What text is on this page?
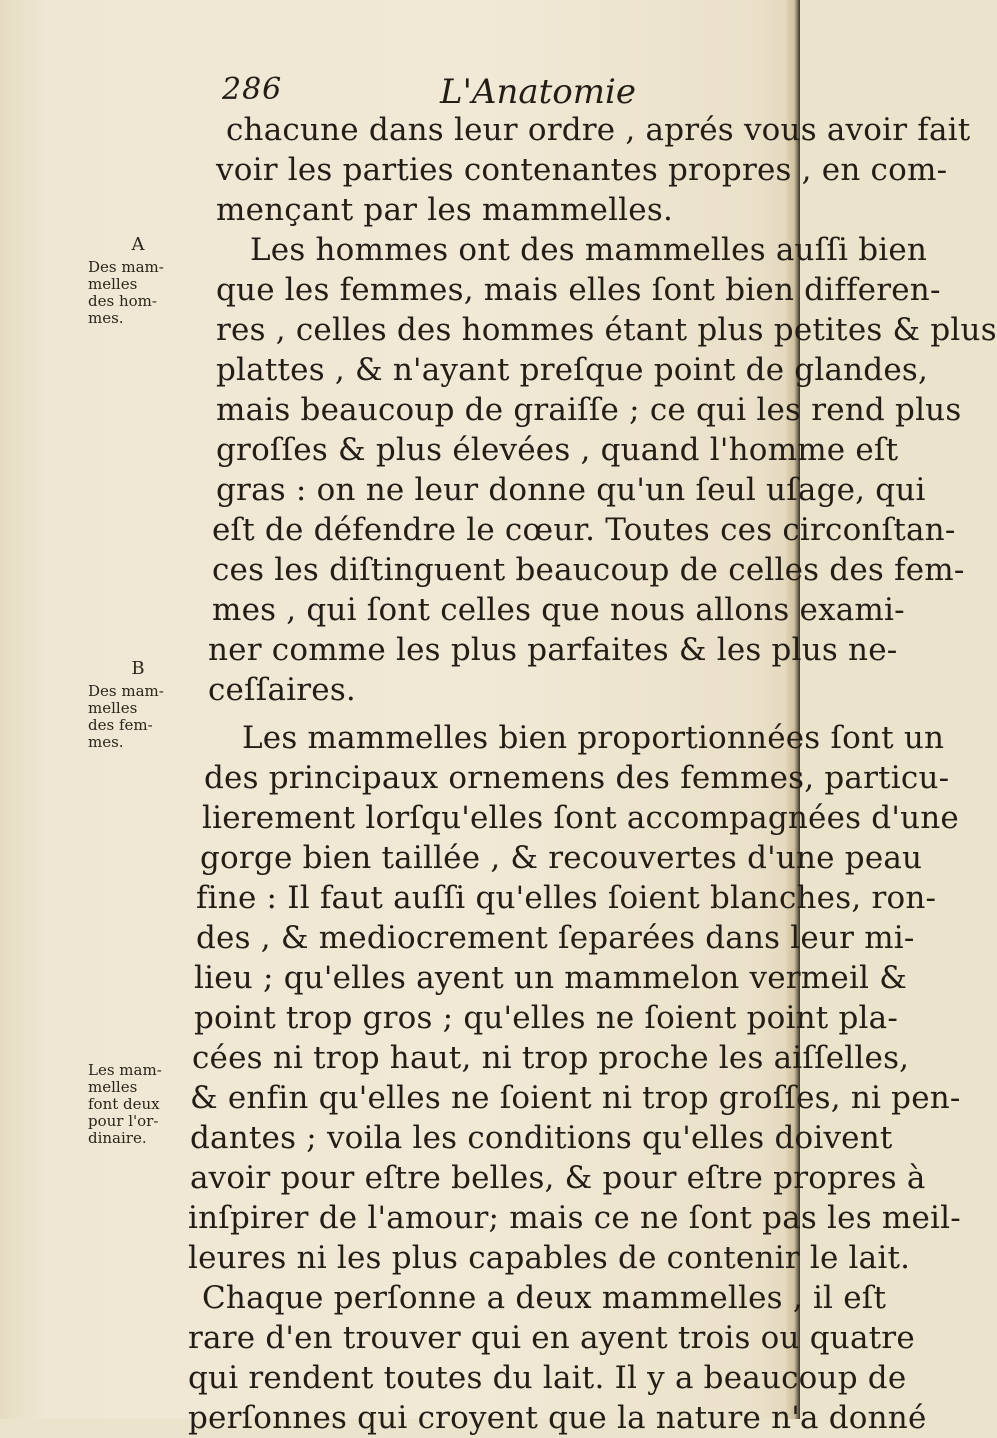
286	L'Anatomie
A
Des mam-
melles
des hom-
mes.
B
Des mam-
melles
des fem-
mes.
Les mam-
melles
font deux
pour l'or-
dinaire.
chacune dans leur ordre , aprés vous avoir fait
voir les parties contenantes propres , en com-
mençant par les mammelles.
Les hommes ont des mammelles auſſi bien
que les femmes, mais elles ſont bien differen-
res , celles des hommes étant plus petites & plus
plattes , & n'ayant preſque point de glandes,
mais beaucoup de graiſſe ; ce qui les rend plus
groſſes & plus élevées , quand l'homme eſt
gras : on ne leur donne qu'un ſeul uſage, qui
eſt de défendre le cœur. Toutes ces circonſtan-
ces les diſtinguent beaucoup de celles des fem-
mes , qui ſont celles que nous allons exami-
ner comme les plus parfaites & les plus ne-
ceſſaires.
Les mammelles bien proportionnées ſont un
des principaux ornemens des femmes, particu-
lierement lorſqu'elles ſont accompagnées d'une
gorge bien taillée , & recouvertes d'une peau
fine : Il faut auſſi qu'elles ſoient blanches, ron-
des , & mediocrement ſeparées dans leur mi-
lieu ; qu'elles ayent un mammelon vermeil &
point trop gros ; qu'elles ne ſoient point pla-
cées ni trop haut, ni trop proche les aiſſelles,
& enfin qu'elles ne ſoient ni trop groſſes, ni pen-
dantes ; voila les conditions qu'elles doivent
avoir pour eſtre belles, & pour eſtre propres à
inſpirer de l'amour; mais ce ne ſont pas les meil-
leures ni les plus capables de contenir le lait.
Chaque perſonne a deux mammelles , il eſt
rare d'en trouver qui en ayent trois ou quatre
qui rendent toutes du lait. Il y a beaucoup de
perſonnes qui croyent que la nature n'a donné
